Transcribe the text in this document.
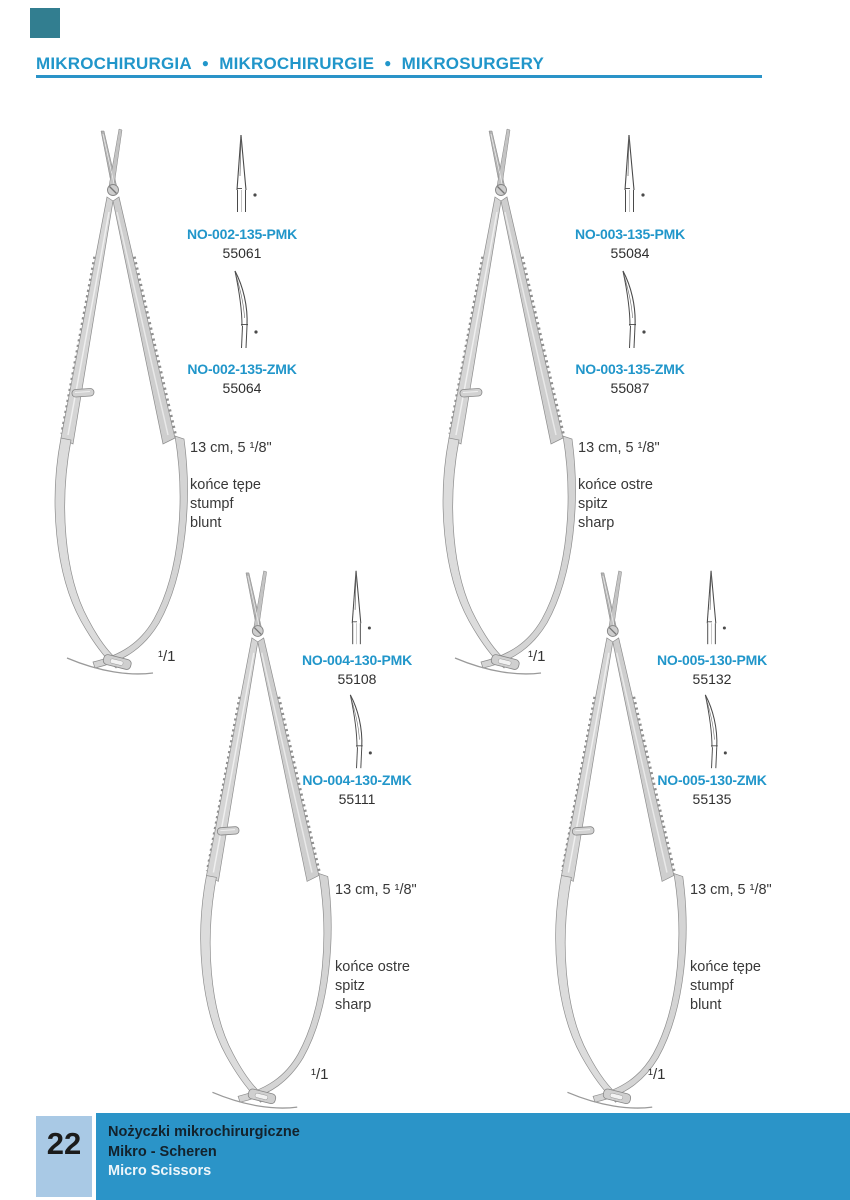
MIKROCHIRURGIA ● MIKROCHIRURGIE ● MIKROSURGERY
NO-002-135-PMK
55061
NO-002-135-ZMK
55064
13 cm, 5 ¹/8"
końce tępe
stumpf
blunt
¹/1
NO-003-135-PMK
55084
NO-003-135-ZMK
55087
13 cm, 5 ¹/8"
końce ostre
spitz
sharp
¹/1
NO-004-130-PMK
55108
NO-004-130-ZMK
55111
13 cm, 5 ¹/8"
końce ostre
spitz
sharp
¹/1
NO-005-130-PMK
55132
NO-005-130-ZMK
55135
13 cm, 5 ¹/8"
końce tępe
stumpf
blunt
¹/1
22 Nożyczki mikrochirurgiczne
Mikro - Scheren
Micro Scissors
